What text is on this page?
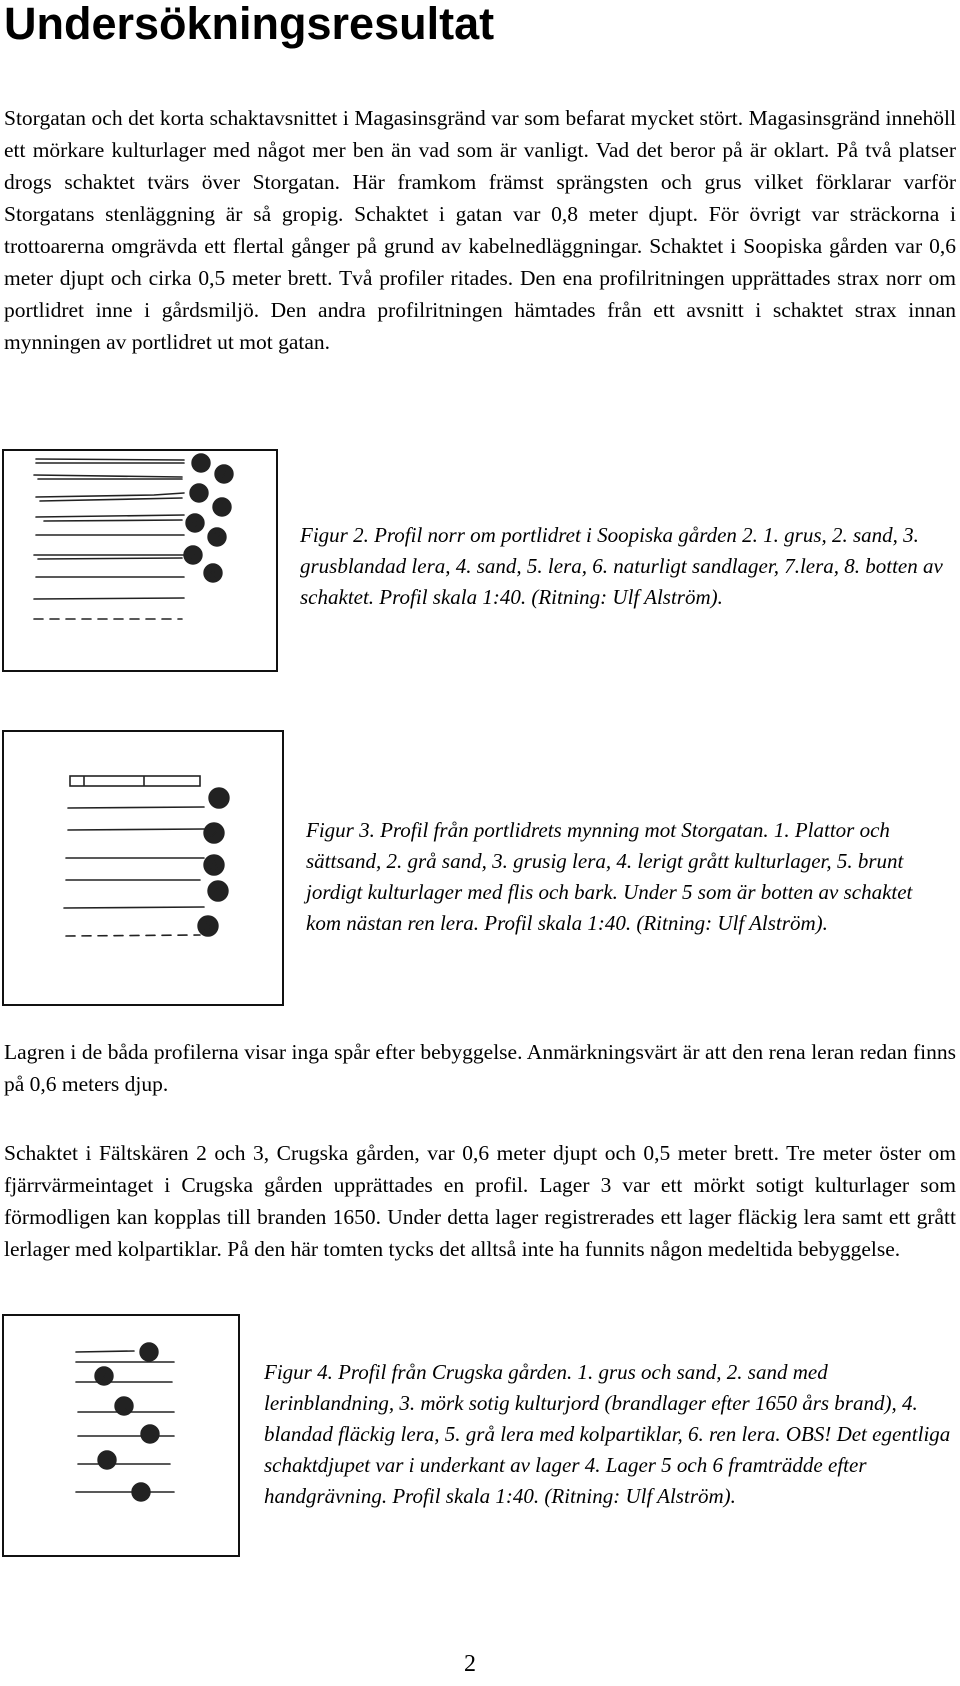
Undersökningsresultat

Storgatan och det korta schaktavsnittet i Magasinsgränd var som befarat mycket stört. Magasinsgränd innehöll ett mörkare kulturlager med något mer ben än vad som är vanligt. Vad det beror på är oklart. På två platser drogs schaktet tvärs över Storgatan. Här framkom främst sprängsten och grus vilket förklarar varför Storgatans stenläggning är så gropig. Schaktet i gatan var 0,8 meter djupt. För övrigt var sträckorna i trottoarerna omgrävda ett flertal gånger på grund av kabelnedläggningar. Schaktet i Soopiska gården var 0,6 meter djupt och cirka 0,5 meter brett. Två profiler ritades. Den ena profilritningen upprättades strax norr om portlidret inne i gårdsmiljö. Den andra profilritningen hämtades från ett avsnitt i schaktet strax innan mynningen av portlidret ut mot gatan.

1
2
3
4
5
6
7
8

Figur 2. Profil norr om portlidret i Soopiska gården 2. 1. grus, 2. sand, 3. grusblandad lera, 4. sand, 5. lera, 6. naturligt sandlager, 7.lera, 8. botten av schaktet. Profil skala 1:40. (Ritning: Ulf Alström).

1
2
3
4
5

Figur 3. Profil från portlidrets mynning mot Storgatan. 1. Plattor och sättsand, 2. grå sand, 3. grusig lera, 4. lerigt grått kulturlager, 5. brunt jordigt kulturlager med flis och bark. Under 5 som är botten av schaktet kom nästan ren lera. Profil skala 1:40. (Ritning: Ulf Alström).

Lagren i de båda profilerna visar inga spår efter bebyggelse. Anmärkningsvärt är att den rena leran redan finns på 0,6 meters djup.

Schaktet i Fältskären 2 och 3, Crugska gården, var 0,6 meter djupt och 0,5 meter brett. Tre meter öster om fjärrvärmeintaget i Crugska gården upprättades en profil. Lager 3 var ett mörkt sotigt kulturlager som förmodligen kan kopplas till branden 1650. Under detta lager registrerades ett lager fläckig lera samt ett grått lerlager med kolpartiklar. På den här tomten tycks det alltså inte ha funnits någon medeltida bebyggelse.

1
2
3
4
5
6

Figur 4. Profil från Crugska gården. 1. grus och sand, 2. sand med lerinblandning, 3. mörk sotig kulturjord (brandlager efter 1650 års brand), 4. blandad fläckig lera, 5. grå lera med kolpartiklar, 6. ren lera. OBS! Det egentliga schaktdjupet var i underkant av lager 4. Lager 5 och 6 framträdde efter handgrävning. Profil skala 1:40. (Ritning: Ulf Alström).

2
